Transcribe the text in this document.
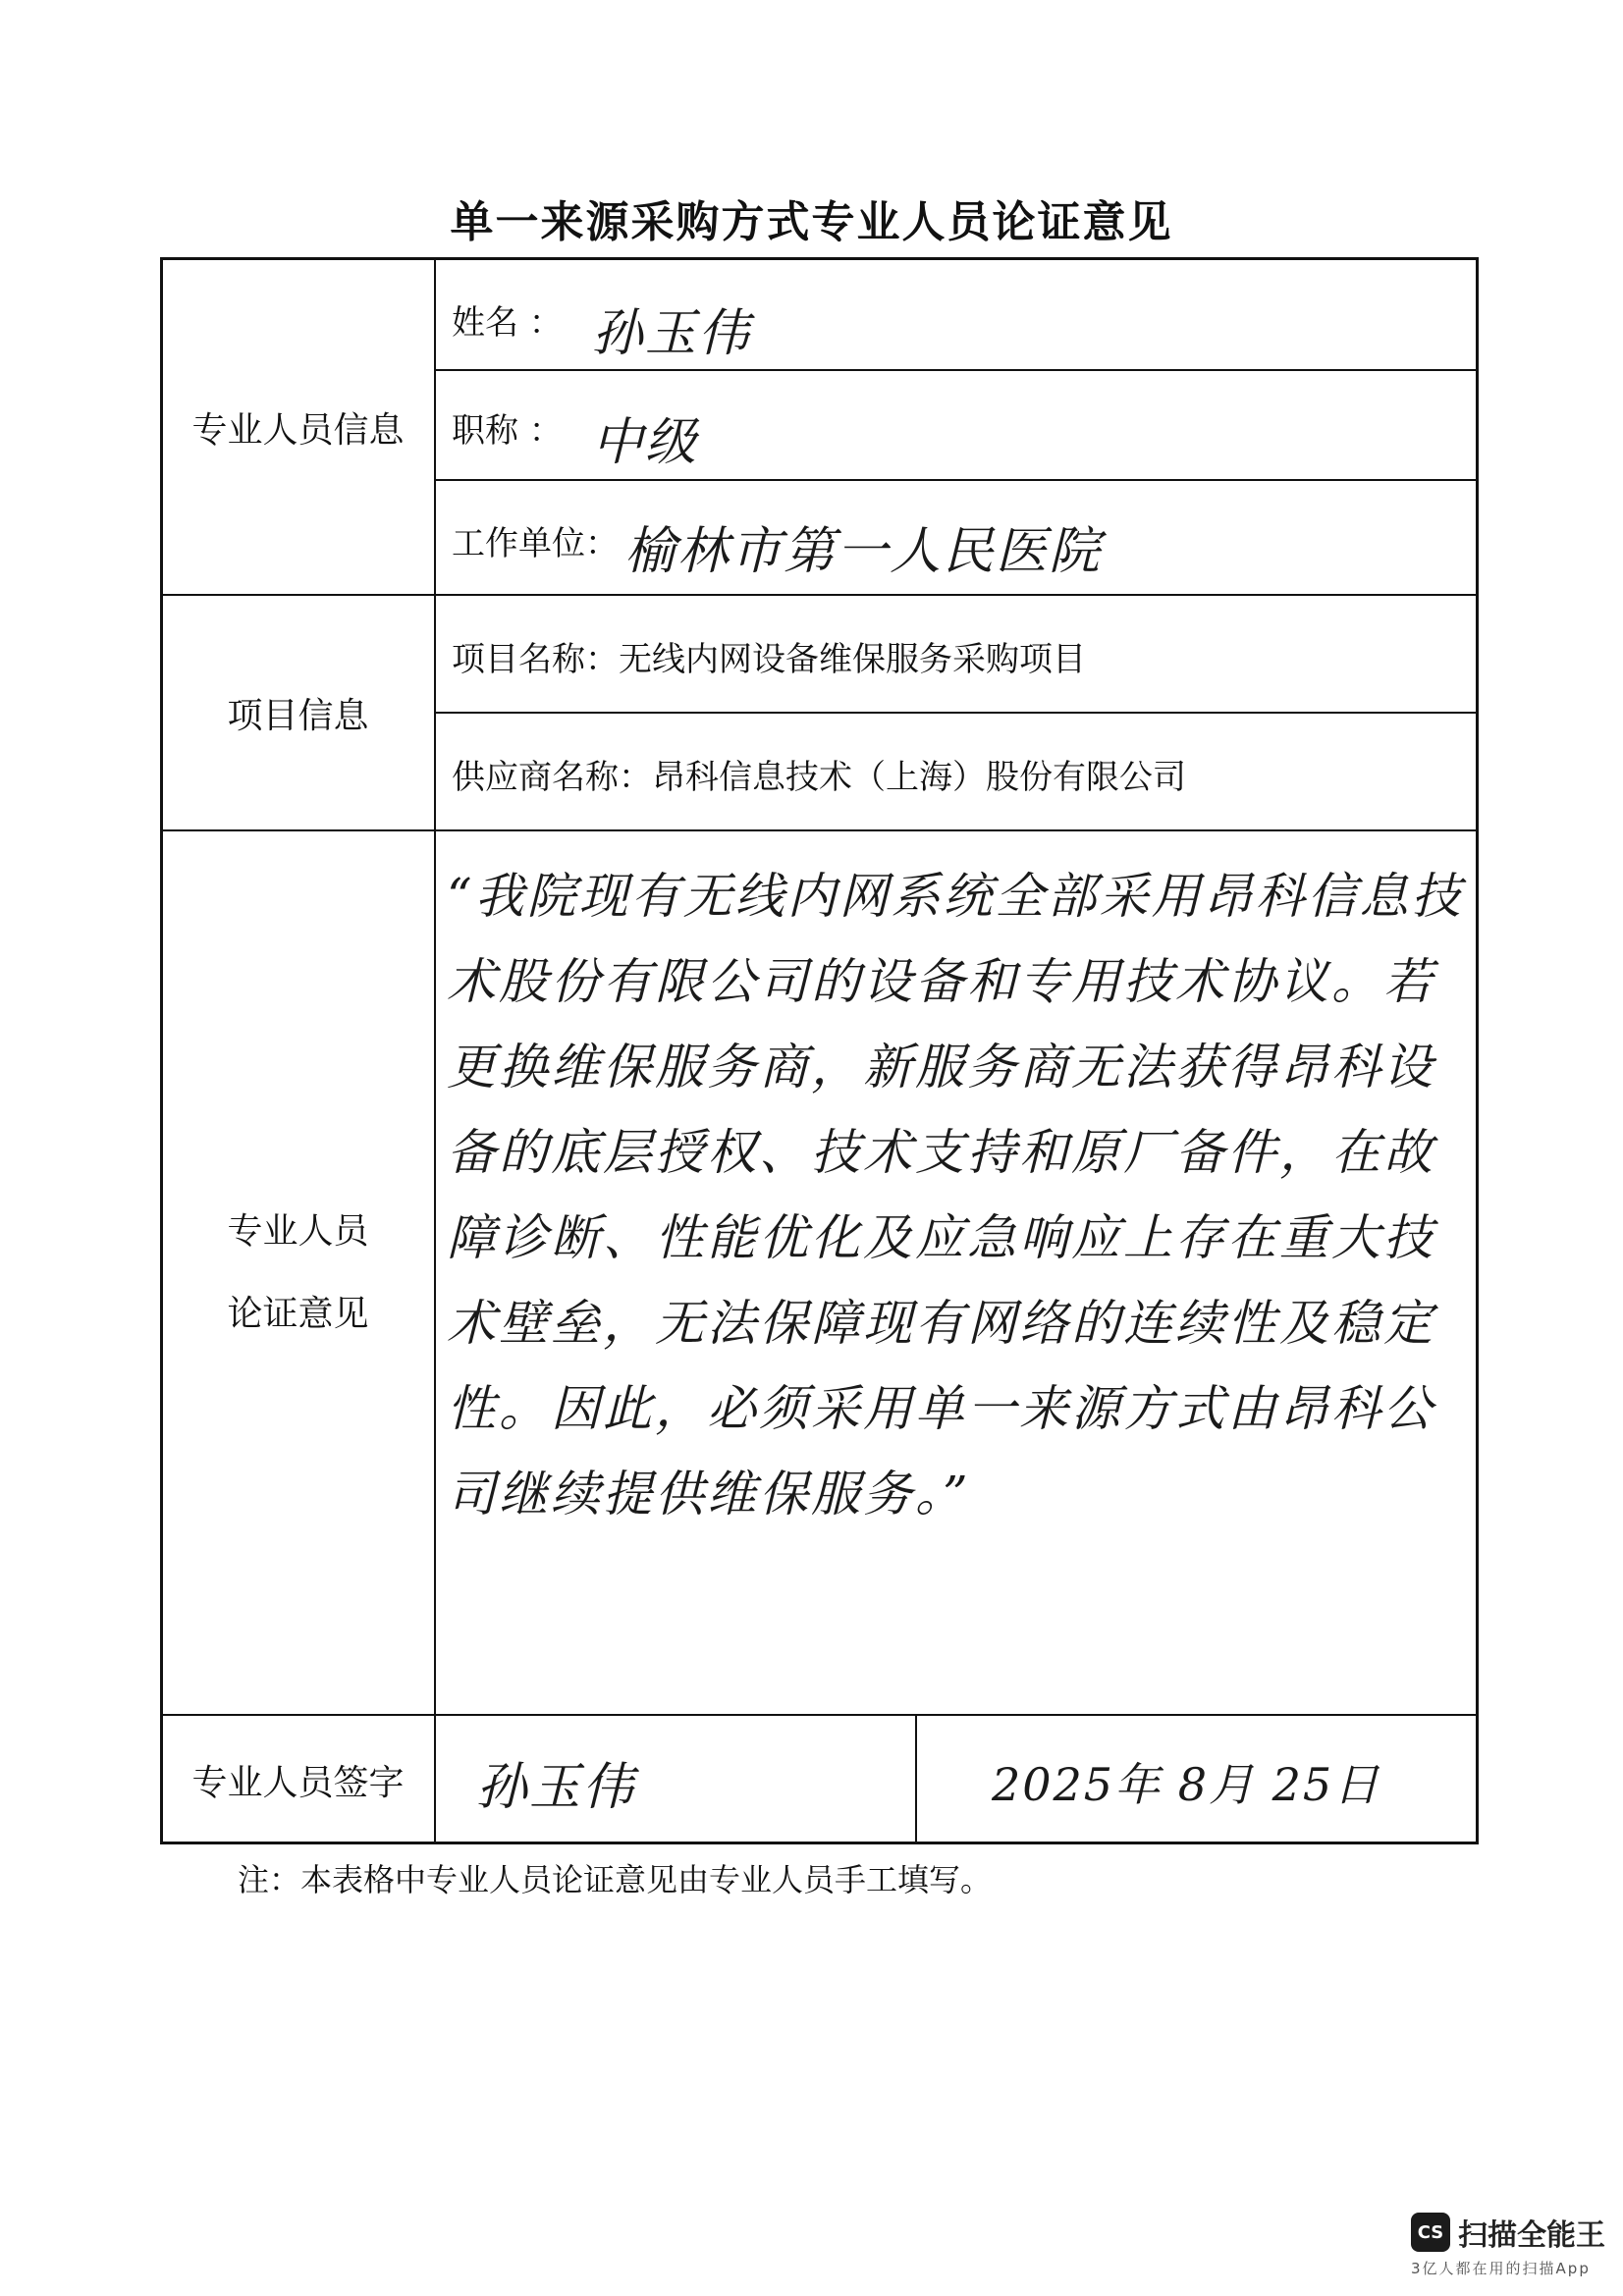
单一来源采购方式专业人员论证意见
专业人员信息
项目信息
专业人员
论证意见
专业人员签字
姓名 ： 孙玉伟
职称 ： 中级
工作单位： 榆林市第一人民医院
项目名称：无线内网设备维保服务采购项目
供应商名称：昂科信息技术（上海）股份有限公司
“我院现有无线内网系统全部采用昂科信息技术股份有限公司的设备和专用技术协议。若更换维保服务商，新服务商无法获得昂科设备的底层授权、技术支持和原厂备件，在故障诊断、性能优化及应急响应上存在重大技术壁垒，无法保障现有网络的连续性及稳定性。因此，必须采用单一来源方式由昂科公司继续提供维保服务。”
孙玉伟	2025年 8月 25日
注：本表格中专业人员论证意见由专业人员手工填写。
CS 扫描全能王
3亿人都在用的扫描App
